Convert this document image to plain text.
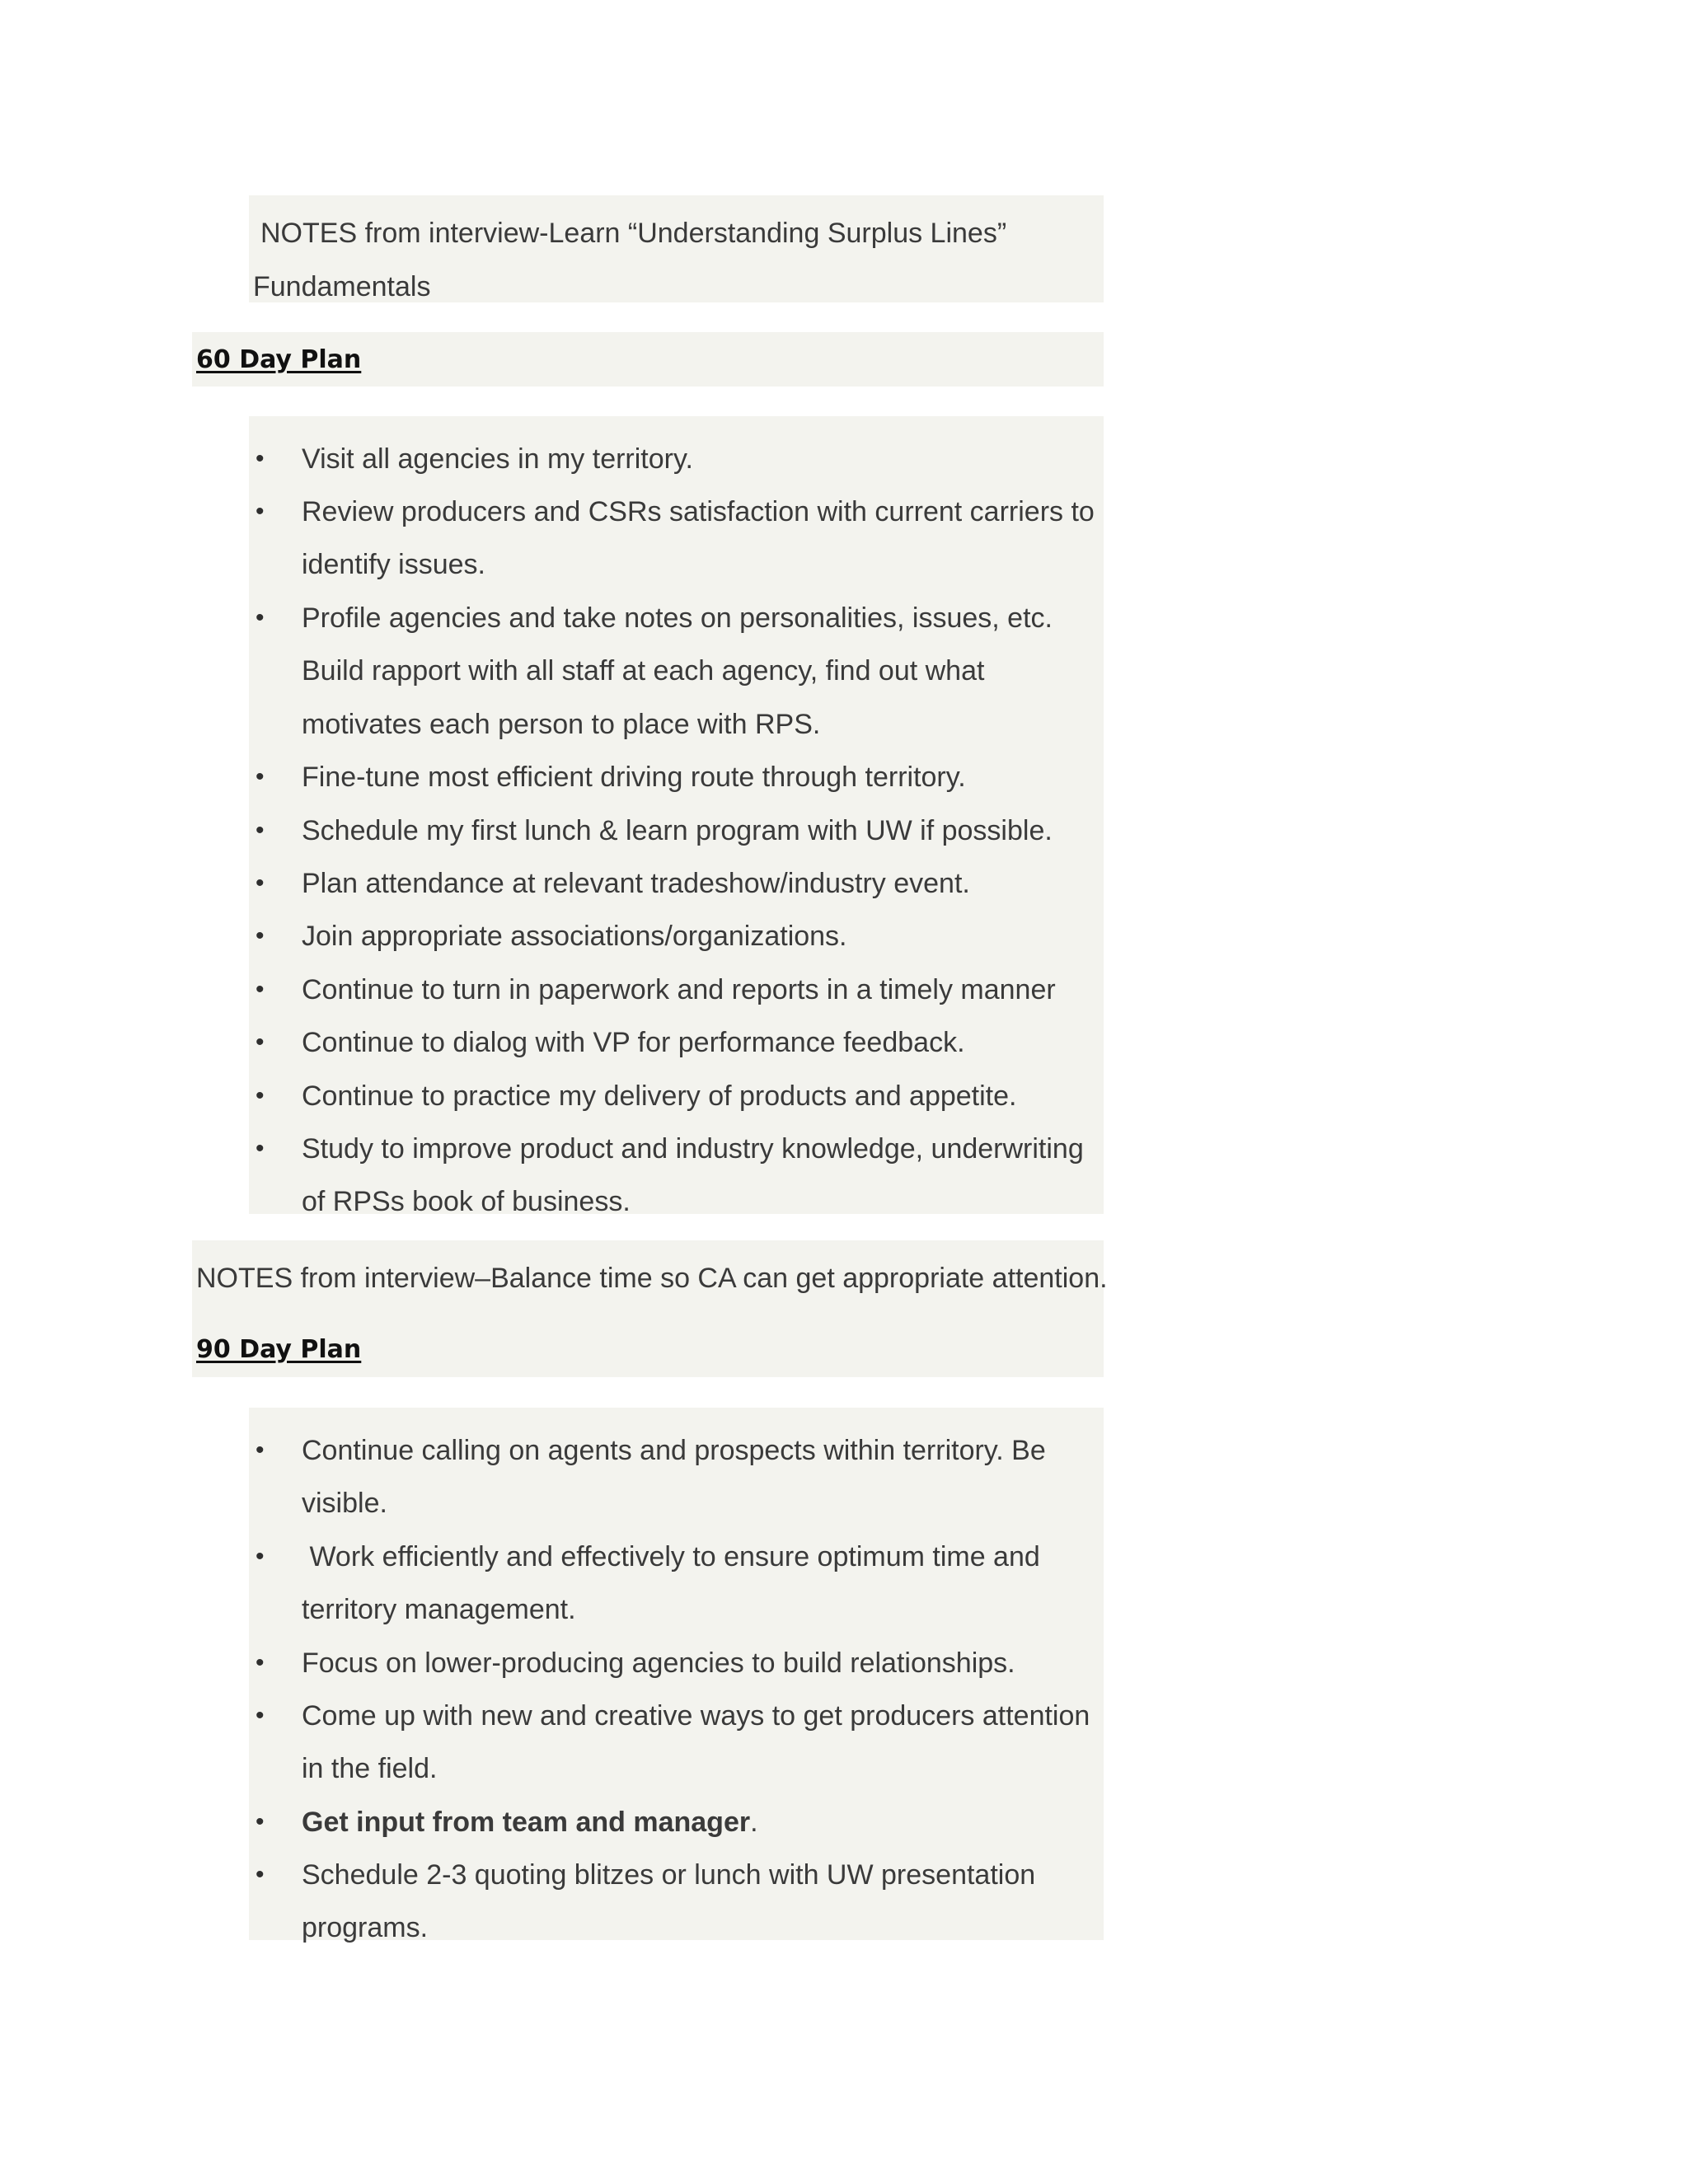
NOTES from interview-Learn “Understanding Surplus Lines”
Fundamentals
60 Day Plan
• Visit all agencies in my territory.
• Review producers and CSRs satisfaction with current carriers to identify issues.
• Profile agencies and take notes on personalities, issues, etc. Build rapport with all staff at each agency, find out what motivates each person to place with RPS.
• Fine-tune most efficient driving route through territory.
• Schedule my first lunch & learn program with UW if possible.
• Plan attendance at relevant tradeshow/industry event.
• Join appropriate associations/organizations.
• Continue to turn in paperwork and reports in a timely manner
• Continue to dialog with VP for performance feedback.
• Continue to practice my delivery of products and appetite.
• Study to improve product and industry knowledge, underwriting of RPSs book of business.
NOTES from interview–Balance time so CA can get appropriate attention.
90 Day Plan
• Continue calling on agents and prospects within territory. Be visible.
• Work efficiently and effectively to ensure optimum time and territory management.
• Focus on lower-producing agencies to build relationships.
• Come up with new and creative ways to get producers attention in the field.
• Get input from team and manager.
• Schedule 2-3 quoting blitzes or lunch with UW presentation programs.
